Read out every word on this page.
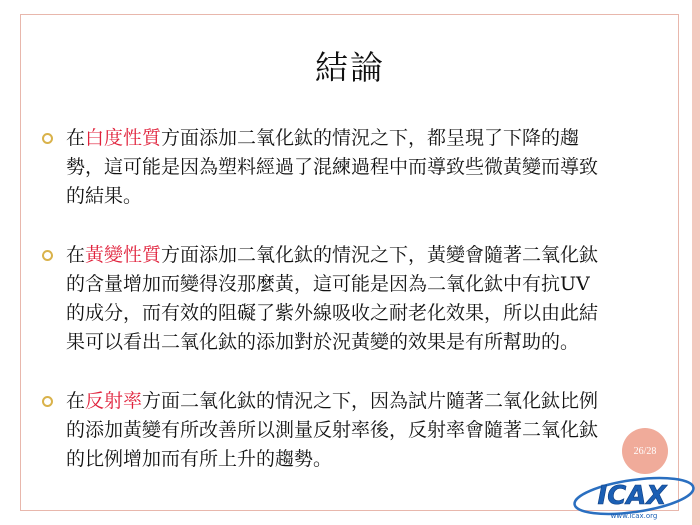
結論
在白度性質方面添加二氧化鈦的情況之下，都呈現了下降的趨勢，這可能是因為塑料經過了混練過程中而導致些微黃變而導致的結果。
在黃變性質方面添加二氧化鈦的情況之下，黃變會隨著二氧化鈦的含量增加而變得沒那麼黃，這可能是因為二氧化鈦中有抗UV的成分，而有效的阻礙了紫外線吸收之耐老化效果，所以由此結果可以看出二氧化鈦的添加對於況黃變的效果是有所幫助的。
在反射率方面二氧化鈦的情況之下，因為試片隨著二氧化鈦比例的添加黃變有所改善所以測量反射率後，反射率會隨著二氧化鈦的比例增加而有所上升的趨勢。	26/28
ICAX
www.icax.org
